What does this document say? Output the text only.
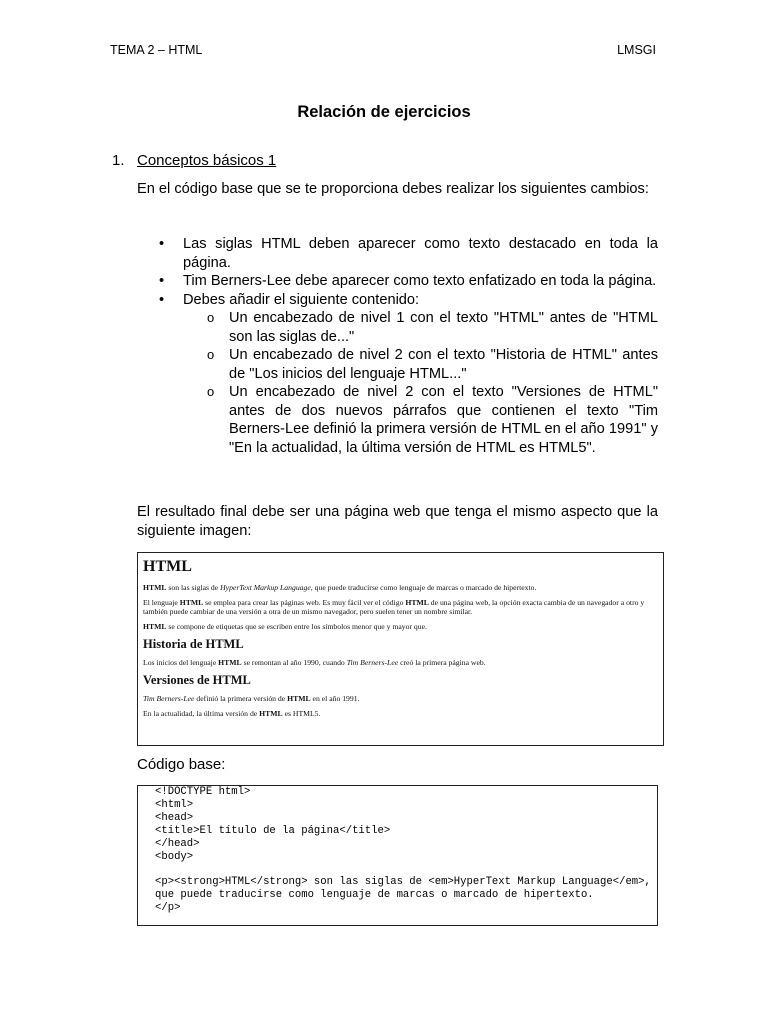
TEMA 2 – HTML	LMSGI
Relación de ejercicios
1. Conceptos básicos 1
En el código base que se te proporciona debes realizar los siguientes cambios:
• Las siglas HTML deben aparecer como texto destacado en toda la página.
• Tim Berners-Lee debe aparecer como texto enfatizado en toda la página.
• Debes añadir el siguiente contenido:
o Un encabezado de nivel 1 con el texto "HTML" antes de "HTML son las siglas de..."
o Un encabezado de nivel 2 con el texto "Historia de HTML" antes de "Los inicios del lenguaje HTML..."
o Un encabezado de nivel 2 con el texto "Versiones de HTML" antes de dos nuevos párrafos que contienen el texto "Tim Berners-Lee definió la primera versión de HTML en el año 1991" y "En la actualidad, la última versión de HTML es HTML5".
El resultado final debe ser una página web que tenga el mismo aspecto que la siguiente imagen:
HTML

HTML son las siglas de HyperText Markup Language, que puede traducirse como lenguaje de marcas o marcado de hipertexto.

El lenguaje HTML se emplea para crear las páginas web. Es muy fácil ver el código HTML de una página web, la opción exacta cambia de un navegador a otro y también puede cambiar de una versión a otra de un mismo navegador, pero suelen tener un nombre similar.

HTML se compone de etiquetas que se escriben entre los símbolos menor que y mayor que.

Historia de HTML

Los inicios del lenguaje HTML se remontan al año 1990, cuando Tim Berners-Lee creó la primera página web.

Versiones de HTML

Tim Berners-Lee definió la primera versión de HTML en el año 1991.

En la actualidad, la última versión de HTML es HTML5.

Código base:
<!DOCTYPE html>
<html>
<head>
<title>El título de la página</title>
</head>
<body>
<p><strong>HTML</strong> son las siglas de <em>HyperText Markup Language</em>,
que puede traducirse como lenguaje de marcas o marcado de hipertexto.
</p>
